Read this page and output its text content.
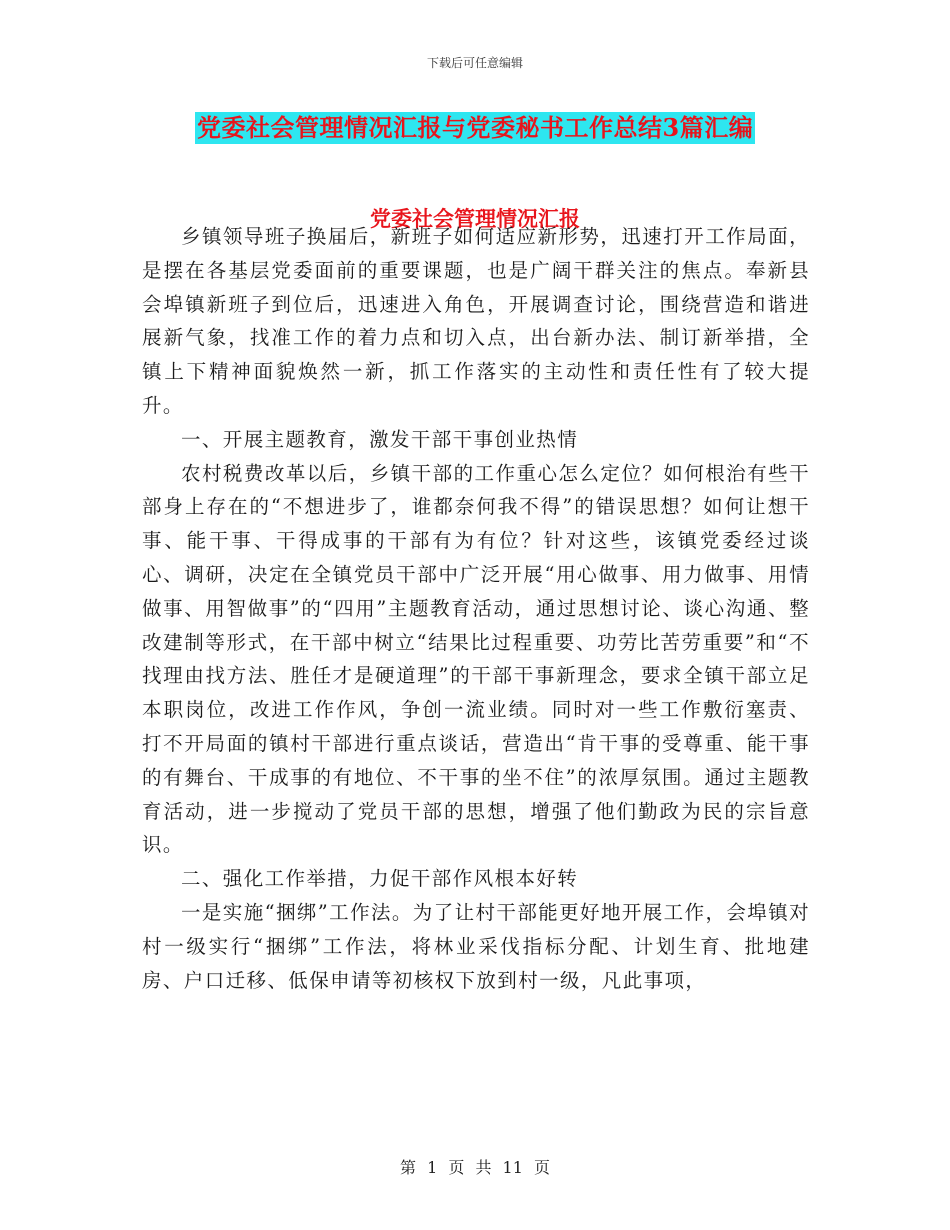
下载后可任意编辑
党委社会管理情况汇报与党委秘书工作总结3篇汇编
党委社会管理情况汇报

乡镇领导班子换届后，新班子如何适应新形势，迅速打开工作局面，是摆在各基层党委面前的重要课题，也是广阔干群关注的焦点。奉新县会埠镇新班子到位后，迅速进入角色，开展调查讨论，围绕营造和谐进展新气象，找准工作的着力点和切入点，出台新办法、制订新举措，全镇上下精神面貌焕然一新，抓工作落实的主动性和责任性有了较大提升。

一、开展主题教育，激发干部干事创业热情

农村税费改革以后，乡镇干部的工作重心怎么定位？如何根治有些干部身上存在的“不想进步了，谁都奈何我不得”的错误思想？如何让想干事、能干事、干得成事的干部有为有位？针对这些，该镇党委经过谈心、调研，决定在全镇党员干部中广泛开展“用心做事、用力做事、用情做事、用智做事”的“四用”主题教育活动，通过思想讨论、谈心沟通、整改建制等形式，在干部中树立“结果比过程重要、功劳比苦劳重要”和“不找理由找方法、胜任才是硬道理”的干部干事新理念，要求全镇干部立足本职岗位，改进工作作风，争创一流业绩。同时对一些工作敷衍塞责、打不开局面的镇村干部进行重点谈话，营造出“肯干事的受尊重、能干事的有舞台、干成事的有地位、不干事的坐不住”的浓厚氛围。通过主题教育活动，进一步搅动了党员干部的思想，增强了他们勤政为民的宗旨意识。

二、强化工作举措，力促干部作风根本好转

一是实施“捆绑”工作法。为了让村干部能更好地开展工作，会埠镇对村一级实行“捆绑”工作法，将林业采伐指标分配、计划生育、批地建房、户口迁移、低保申请等初核权下放到村一级，凡此事项，

第 1 页 共 11 页
